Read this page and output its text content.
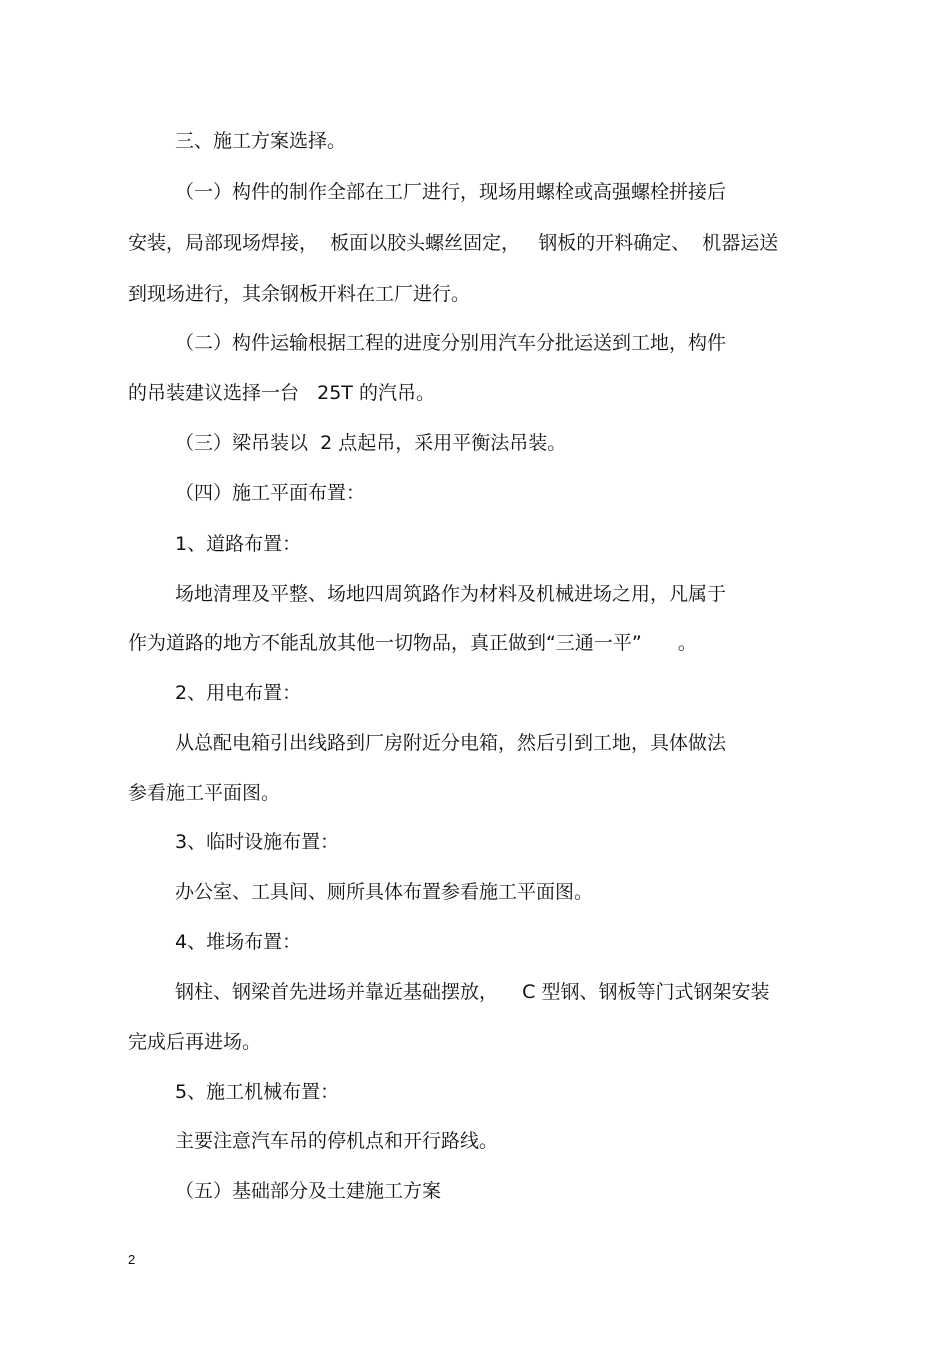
三、施工方案选择。

（一）构件的制作全部在工厂进行，现场用螺栓或高强螺栓拼接后

安装，局部现场焊接，  板面以胶头螺丝固定，   钢板的开料确定、  机器运送

到现场进行，其余钢板开料在工厂进行。

（二）构件运输根据工程的进度分别用汽车分批运送到工地，构件

的吊装建议选择一台   25T 的汽吊。

（三）梁吊装以  2 点起吊，采用平衡法吊装。

（四）施工平面布置：

1、道路布置：

场地清理及平整、场地四周筑路作为材料及机械进场之用，凡属于

作为道路的地方不能乱放其他一切物品，真正做到“三通一平”      。

2、用电布置：

从总配电箱引出线路到厂房附近分电箱，然后引到工地，具体做法

参看施工平面图。

3、临时设施布置：

办公室、工具间、厕所具体布置参看施工平面图。

4、堆场布置：

钢柱、钢梁首先进场并靠近基础摆放，    C 型钢、钢板等门式钢架安装

完成后再进场。

5、施工机械布置：

主要注意汽车吊的停机点和开行路线。

（五）基础部分及土建施工方案

2
